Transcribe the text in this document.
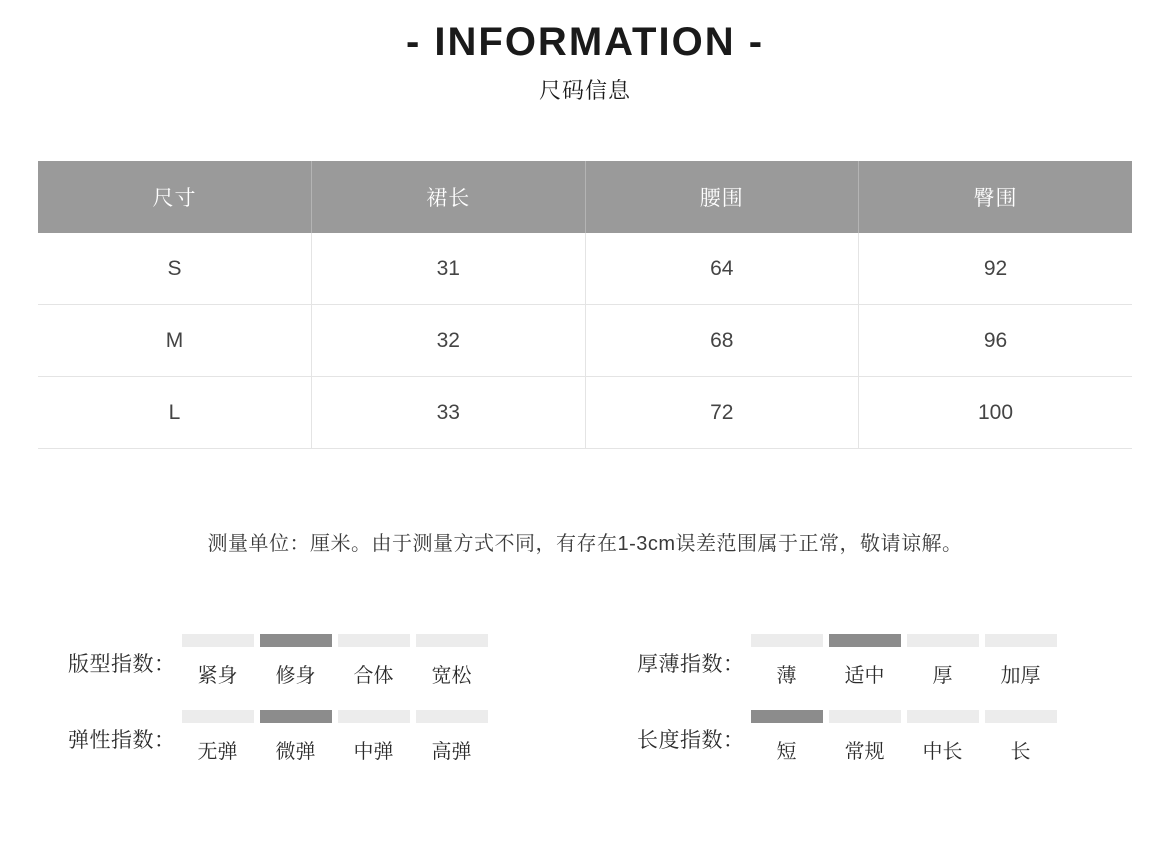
- INFORMATION -
尺码信息
尺寸	裙长	腰围	臀围
S	31	64	92
M	32	68	96
L	33	72	100
测量单位：厘米。由于测量方式不同，有存在1-3cm误差范围属于正常，敬请谅解。
版型指数：	紧身	修身	合体	宽松	厚薄指数：	薄	适中	厚	加厚
弹性指数：	无弹	微弹	中弹	高弹	长度指数：	短	常规	中长	长
